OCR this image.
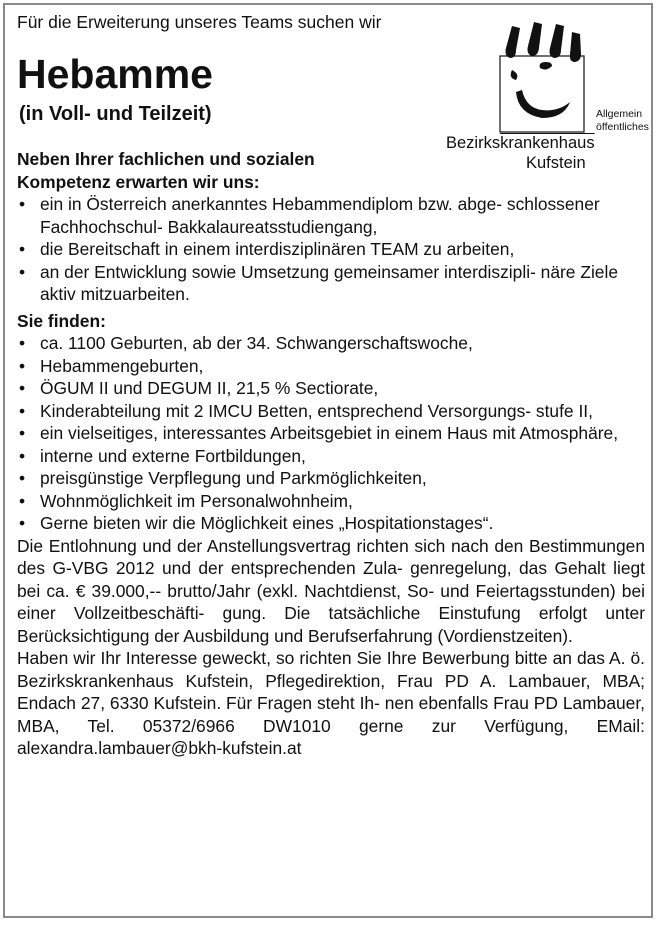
Für die Erweiterung unseres Teams suchen wir
Hebamme
(in Voll- und Teilzeit)	Allgemein
öffentliches
Bezirkskrankenhaus
Kufstein
Neben Ihrer fachlichen und sozialen
Kompetenz erwarten wir uns:
• ein in Österreich anerkanntes Hebammendiplom bzw. abge- schlossener Fachhochschul- Bakkalaureatsstudiengang,
• die Bereitschaft in einem interdisziplinären TEAM zu arbeiten,
• an der Entwicklung sowie Umsetzung gemeinsamer interdiszipli- näre Ziele aktiv mitzuarbeiten.
Sie finden:
• ca. 1100 Geburten, ab der 34. Schwangerschaftswoche,
• Hebammengeburten,
• ÖGUM II und DEGUM II, 21,5 % Sectiorate,
• Kinderabteilung mit 2 IMCU Betten, entsprechend Versorgungs- stufe II,
• ein vielseitiges, interessantes Arbeitsgebiet in einem Haus mit Atmosphäre,
• interne und externe Fortbildungen,
• preisgünstige Verpflegung und Parkmöglichkeiten,
• Wohnmöglichkeit im Personalwohnheim,
• Gerne bieten wir die Möglichkeit eines „Hospitationstages“.

Die Entlohnung und der Anstellungsvertrag richten sich nach den Bestimmungen des G-VBG 2012 und der entsprechenden Zula- genregelung, das Gehalt liegt bei ca. € 39.000,-- brutto/Jahr (exkl. Nachtdienst, So- und Feiertagsstunden) bei einer Vollzeitbeschäfti- gung. Die tatsächliche Einstufung erfolgt unter Berücksichtigung der Ausbildung und Berufserfahrung (Vordienstzeiten).

Haben wir Ihr Interesse geweckt, so richten Sie Ihre Bewerbung bitte an das A. ö. Bezirkskrankenhaus Kufstein, Pflegedirektion, Frau PD A. Lambauer, MBA; Endach 27, 6330 Kufstein. Für Fragen steht Ih- nen ebenfalls Frau PD Lambauer, MBA, Tel. 05372/6966 DW1010 gerne zur Verfügung, EMail: alexandra.lambauer@bkh-kufstein.at
